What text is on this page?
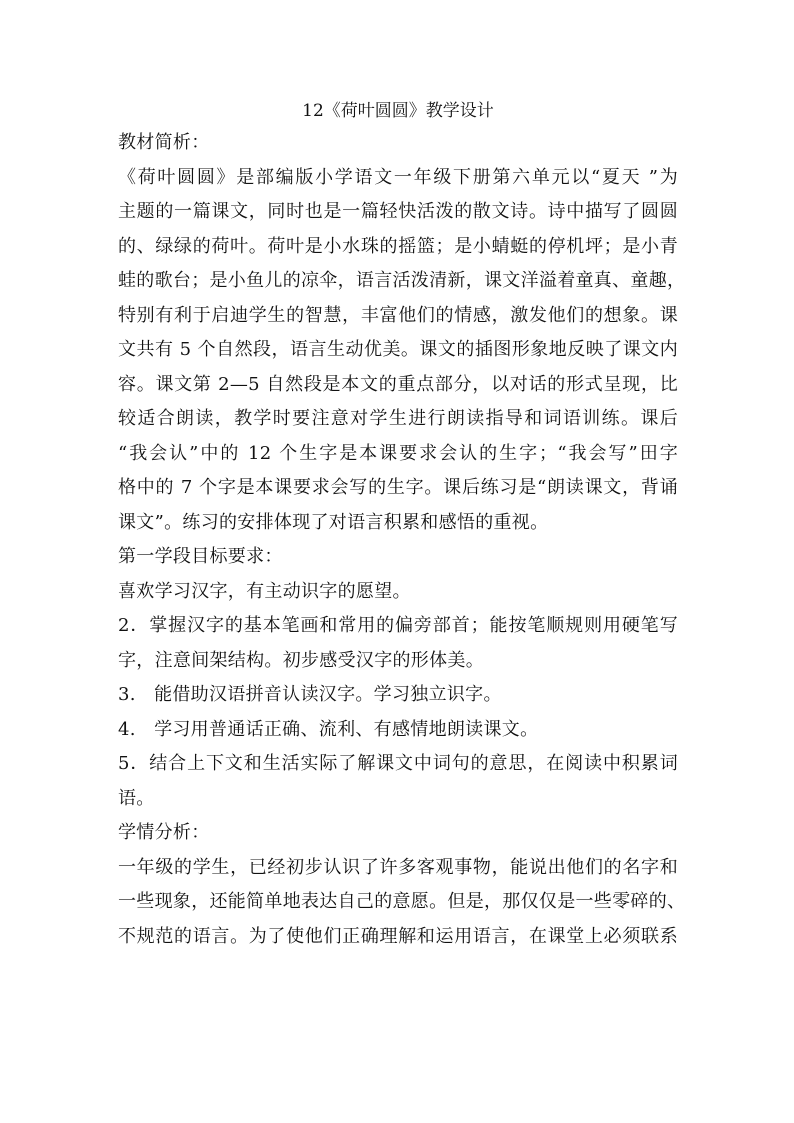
12《荷叶圆圆》教学设计
教材简析：
《荷叶圆圆》是部编版小学语文一年级下册第六单元以“夏天 ”为
主题的一篇课文，同时也是一篇轻快活泼的散文诗。诗中描写了圆圆
的、绿绿的荷叶。荷叶是小水珠的摇篮；是小蜻蜓的停机坪；是小青
蛙的歌台；是小鱼儿的凉伞，语言活泼清新，课文洋溢着童真、童趣，
特别有利于启迪学生的智慧，丰富他们的情感，激发他们的想象。课
文共有 5 个自然段，语言生动优美。课文的插图形象地反映了课文内
容。课文第 2—5 自然段是本文的重点部分，以对话的形式呈现，比
较适合朗读，教学时要注意对学生进行朗读指导和词语训练。课后
“我会认”中的 12 个生字是本课要求会认的生字；“我会写”田字
格中的 7 个字是本课要求会写的生字。课后练习是“朗读课文，背诵
课文”。练习的安排体现了对语言积累和感悟的重视。
第一学段目标要求：
喜欢学习汉字，有主动识字的愿望。
2．掌握汉字的基本笔画和常用的偏旁部首；能按笔顺规则用硬笔写
字，注意间架结构。初步感受汉字的形体美。
3.　能借助汉语拼音认读汉字。学习独立识字。
4.　学习用普通话正确、流利、有感情地朗读课文。
5．结合上下文和生活实际了解课文中词句的意思，在阅读中积累词
语。
学情分析：
一年级的学生，已经初步认识了许多客观事物，能说出他们的名字和
一些现象，还能简单地表达自己的意愿。但是，那仅仅是一些零碎的、
不规范的语言。为了使他们正确理解和运用语言，在课堂上必须联系
